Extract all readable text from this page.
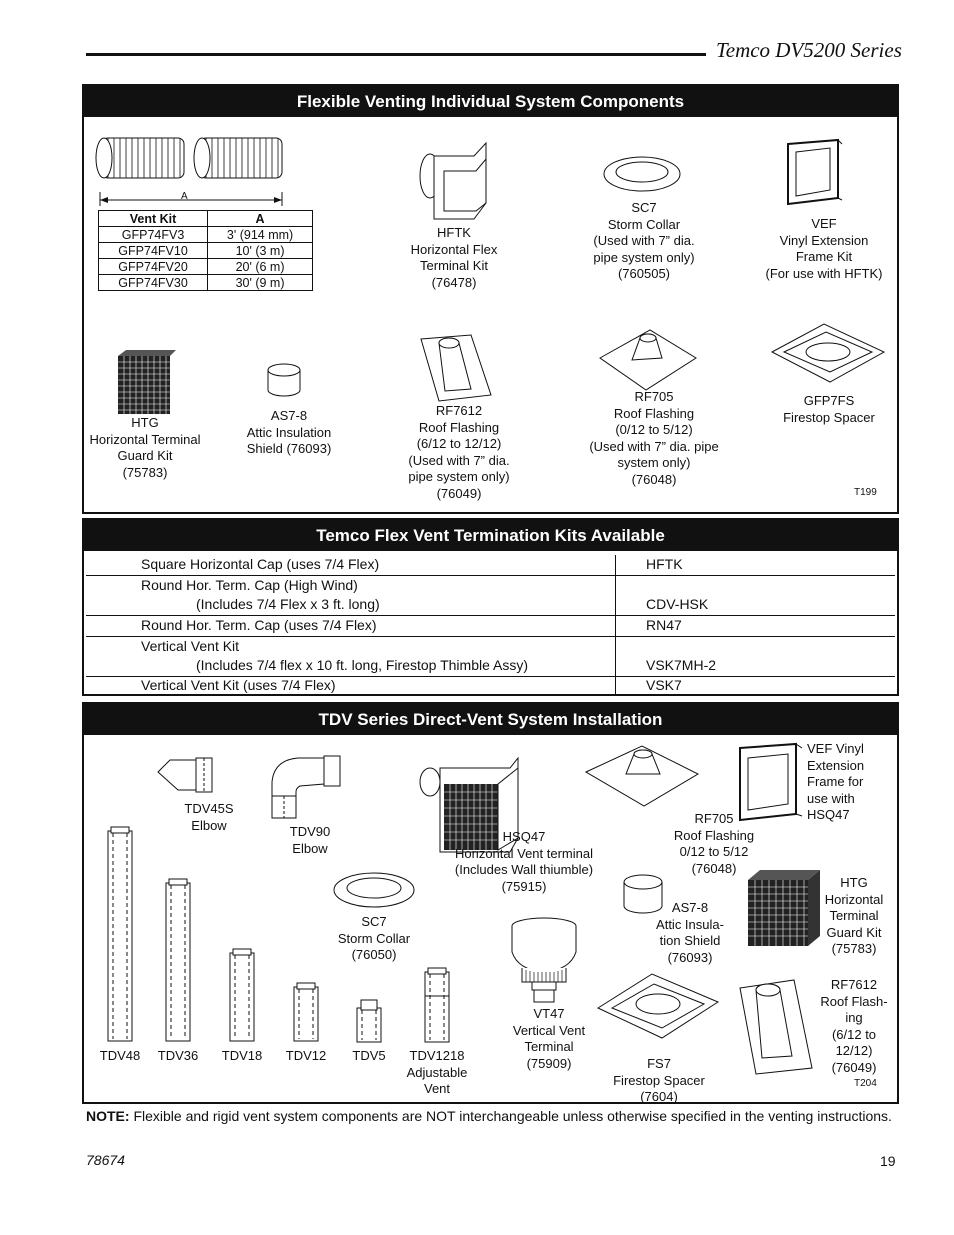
Temco DV5200 Series
Flexible Venting Individual System Components
A
Vent Kit	A
GFP74FV3	3' (914 mm)
GFP74FV10	10' (3 m)
GFP74FV20	20' (6 m)
GFP74FV30	30' (9 m)
HFTK
Horizontal Flex
Terminal Kit
(76478)
SC7
Storm Collar
(Used with 7” dia.
pipe system only)
(760505)
VEF
Vinyl Extension
Frame Kit
(For use with HFTK)
HTG
Horizontal Terminal
Guard Kit
(75783)
AS7-8
Attic Insulation
Shield (76093)
RF7612
Roof Flashing
(6/12 to 12/12)
(Used with 7” dia.
pipe system only)
(76049)
RF705
Roof Flashing
(0/12 to 5/12)
(Used with 7” dia. pipe
system only)
(76048)
GFP7FS
Firestop Spacer
T199
Temco Flex Vent Termination Kits Available
Square Horizontal Cap (uses 7/4 Flex)	HFTK
Round Hor. Term. Cap (High Wind)
(Includes 7/4 Flex x 3 ft. long)	CDV-HSK
Round Hor. Term. Cap (uses 7/4 Flex)	RN47
Vertical Vent Kit
(Includes 7/4 flex x 10 ft. long, Firestop Thimble Assy)	VSK7MH-2
Vertical Vent Kit (uses 7/4 Flex)	VSK7
TDV Series Direct-Vent System Installation
TDV45S
Elbow	TDV90
Elbow
HSQ47
Horizontal Vent terminal
(Includes Wall thiumble)
(75915)
RF705
Roof Flashing
0/12 to 5/12
(76048)
VEF Vinyl
Extension
Frame for
use with
HSQ47
SC7
Storm Collar
(76050)
AS7-8
Attic Insula-
tion Shield
(76093)
HTG
Horizontal
Terminal
Guard Kit
(75783)
VT47
Vertical Vent
Terminal
(75909)	FS7
Firestop Spacer
(7604)
RF7612
Roof Flash-
ing
(6/12 to
12/12)
(76049)
T204
TDV48	TDV36	TDV18	TDV12	TDV5	TDV1218
Adjustable
Vent
NOTE: Flexible and rigid vent system components are NOT interchangeable unless otherwise specified in the venting instructions.
78674	19
